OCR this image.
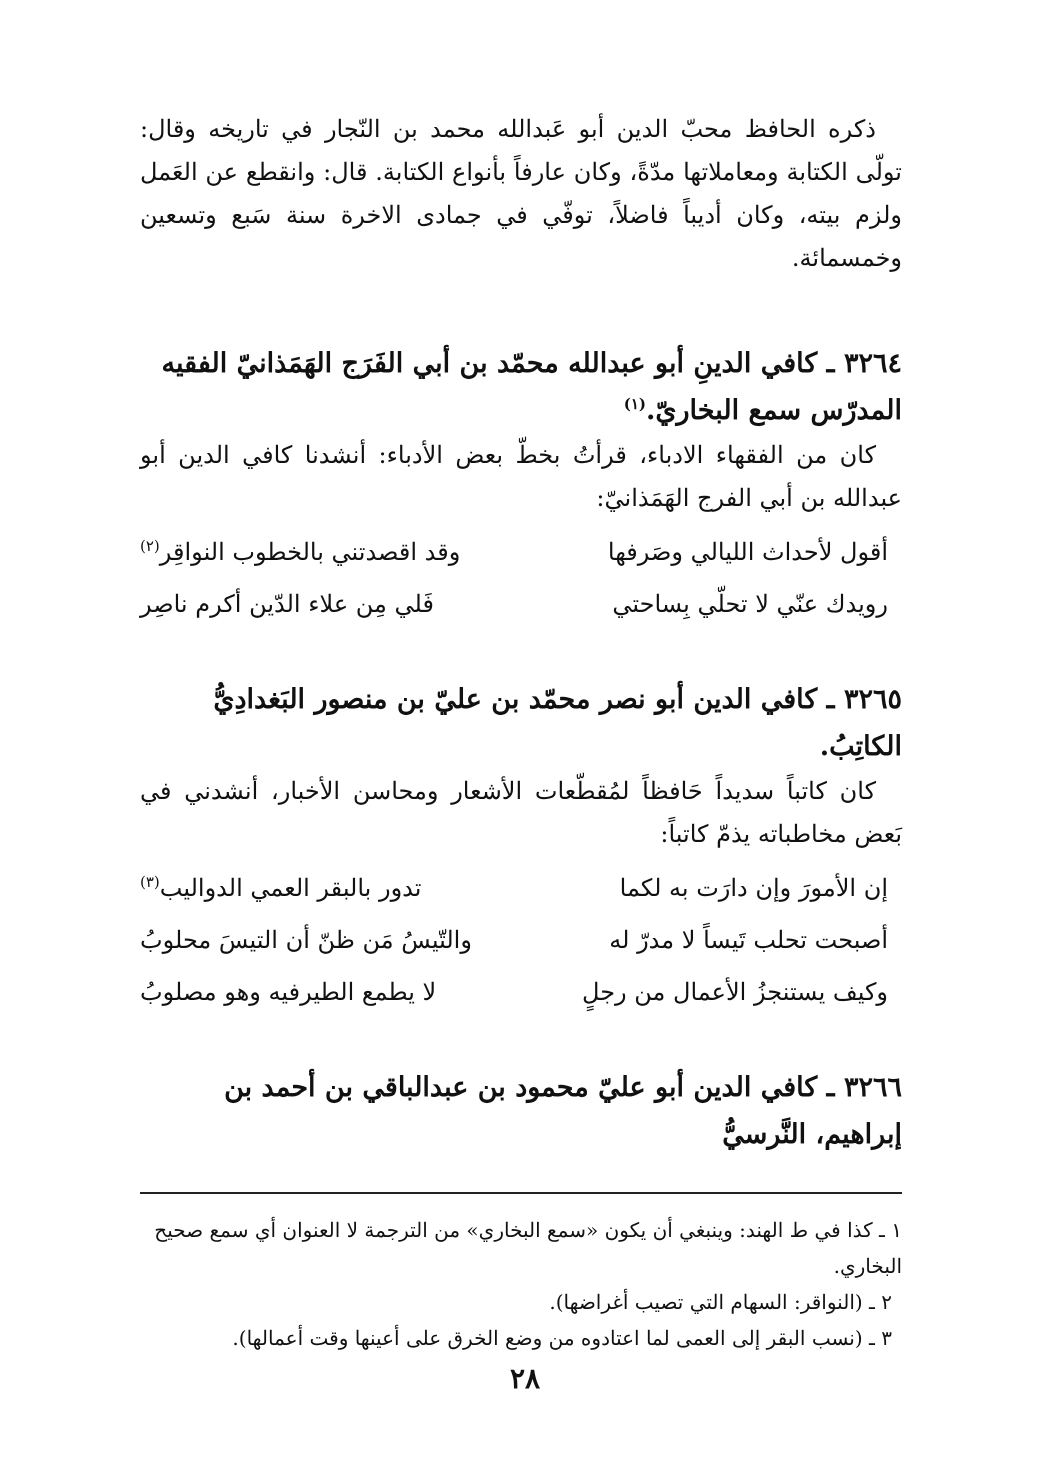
ذكره الحافظ محبّ الدين أبو عَبدالله محمد بن النّجار في تاريخه وقال: تولّى الكتابة ومعاملاتها مدّةً، وكان عارفاً بأنواع الكتابة. قال: وانقطع عن العَمل ولزم بيته، وكان أديباً فاضلاً، توفّي في جمادى الاخرة سنة سَبع وتسعين وخمسمائة.

٣٢٦٤ ـ كافي الدينِ أبو عبدالله محمّد بن أبي الفَرَج الهَمَذانيّ الفقيه المدرّس سمع البخاريّ.$^{(١)}$

كان من الفقهاء الادباء، قرأتُ بخطّ بعض الأدباء: أنشدنا كافي الدين أبو عبدالله بن أبي الفرج الهَمَذانيّ:

أقول لأحداث الليالي وصَرفها
وقد اقصدتني بالخطوب النواقِر$^{(٢)}$
رويدك عنّي لا تحلّي بِساحتي
فَلي مِن علاء الدّين أكرم ناصِر

٣٢٦٥ ـ كافي الدين أبو نصر محمّد بن عليّ بن منصور البَغدادِيُّ الكاتِبُ.

كان كاتباً سديداً حَافظاً لمُقطّعات الأشعار ومحاسن الأخبار، أنشدني في بَعض مخاطباته يذمّ كاتباً:

إن الأمورَ وإن دارَت به لكما
تدور بالبقر العمي الدواليب$^{(٣)}$
أصبحت تحلب تَيساً لا مدرّ له
والتّيسُ مَن ظنّ أن التيسَ محلوبُ
وكيف يستنجزُ الأعمال من رجلٍ
لا يطمع الطيرفيه وهو مصلوبُ

٣٢٦٦ ـ كافي الدين أبو عليّ محمود بن عبدالباقي بن أحمد بن إبراهيم، النَّرسيُّ

١ ـ كذا في ط الهند: وينبغي أن يكون «سمع البخاري» من الترجمة لا العنوان أي سمع صحيح البخاري.

٢ ـ (النواقر: السهام التي تصيب أغراضها).

٣ ـ (نسب البقر إلى العمى لما اعتادوه من وضع الخرق على أعينها وقت أعمالها).

٢٨
